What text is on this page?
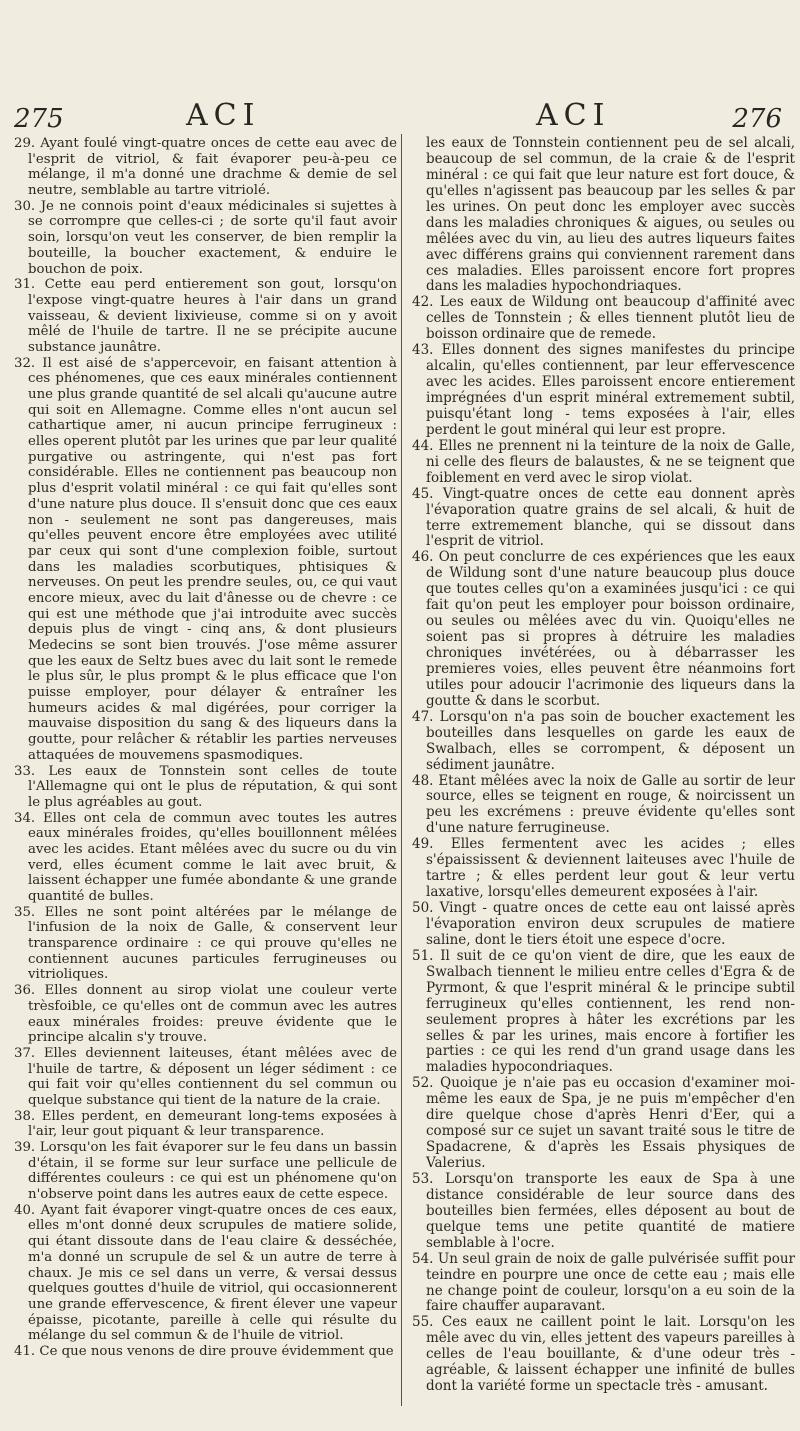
275	ACI	ACI	276

29. Ayant foulé vingt-quatre onces de cette eau avec de l'esprit de vitriol, & fait évaporer peu-à-peu ce mélange, il m'a donné une drachme & demie de sel neutre, semblable au tartre vitriolé.

30. Je ne connois point d'eaux médicinales si sujettes à se corrompre que celles-ci ; de sorte qu'il faut avoir soin, lorsqu'on veut les conserver, de bien remplir la bouteille, la boucher exactement, & enduire le bouchon de poix.

31. Cette eau perd entierement son gout, lorsqu'on l'expose vingt-quatre heures à l'air dans un grand vaisseau, & devient lixivieuse, comme si on y avoit mêlé de l'huile de tartre. Il ne se précipite aucune substance jaunâtre.

32. Il est aisé de s'appercevoir, en faisant attention à ces phénomenes, que ces eaux minérales contiennent une plus grande quantité de sel alcali qu'aucune autre qui soit en Allemagne. Comme elles n'ont aucun sel cathartique amer, ni aucun principe ferrugineux : elles operent plutôt par les urines que par leur qualité purgative ou astringente, qui n'est pas fort considérable. Elles ne contiennent pas beaucoup non plus d'esprit volatil minéral : ce qui fait qu'elles sont d'une nature plus douce. Il s'ensuit donc que ces eaux non - seulement ne sont pas dangereuses, mais qu'elles peuvent encore être employées avec utilité par ceux qui sont d'une complexion foible, surtout dans les maladies scorbutiques, phtisiques & nerveuses. On peut les prendre seules, ou, ce qui vaut encore mieux, avec du lait d'ânesse ou de chevre : ce qui est une méthode que j'ai introduite avec succès depuis plus de vingt - cinq ans, & dont plusieurs Medecins se sont bien trouvés. J'ose même assurer que les eaux de Seltz bues avec du lait sont le remede le plus sûr, le plus prompt & le plus efficace que l'on puisse employer, pour délayer & entraîner les humeurs acides & mal digérées, pour corriger la mauvaise disposition du sang & des liqueurs dans la goutte, pour relâcher & rétablir les parties nerveuses attaquées de mouvemens spasmodiques.

33. Les eaux de Tonnstein sont celles de toute l'Allemagne qui ont le plus de réputation, & qui sont le plus agréables au gout.

34. Elles ont cela de commun avec toutes les autres eaux minérales froides, qu'elles bouillonnent mêlées avec les acides. Etant mêlées avec du sucre ou du vin verd, elles écument comme le lait avec bruit, & laissent échapper une fumée abondante & une grande quantité de bulles.

35. Elles ne sont point altérées par le mélange de l'infusion de la noix de Galle, & conservent leur transparence ordinaire : ce qui prouve qu'elles ne contiennent aucunes particules ferrugineuses ou vitrioliques.

36. Elles donnent au sirop violat une couleur verte trèsfoible, ce qu'elles ont de commun avec les autres eaux minérales froides: preuve évidente que le principe alcalin s'y trouve.

37. Elles deviennent laiteuses, étant mêlées avec de l'huile de tartre, & déposent un léger sédiment : ce qui fait voir qu'elles contiennent du sel commun ou quelque substance qui tient de la nature de la craie.

38. Elles perdent, en demeurant long-tems exposées à l'air, leur gout piquant & leur transparence.

39. Lorsqu'on les fait évaporer sur le feu dans un bassin d'étain, il se forme sur leur surface une pellicule de différentes couleurs : ce qui est un phénomene qu'on n'observe point dans les autres eaux de cette espece.

40. Ayant fait évaporer vingt-quatre onces de ces eaux, elles m'ont donné deux scrupules de matiere solide, qui étant dissoute dans de l'eau claire & desséchée, m'a donné un scrupule de sel & un autre de terre à chaux. Je mis ce sel dans un verre, & versai dessus quelques gouttes d'huile de vitriol, qui occasionnerent une grande effervescence, & firent élever une vapeur épaisse, picotante, pareille à celle qui résulte du mélange du sel commun & de l'huile de vitriol.

41. Ce que nous venons de dire prouve évidemment que

les eaux de Tonnstein contiennent peu de sel alcali, beaucoup de sel commun, de la craie & de l'esprit minéral : ce qui fait que leur nature est fort douce, & qu'elles n'agissent pas beaucoup par les selles & par les urines. On peut donc les employer avec succès dans les maladies chroniques & aigues, ou seules ou mêlées avec du vin, au lieu des autres liqueurs faites avec différens grains qui conviennent rarement dans ces maladies. Elles paroissent encore fort propres dans les maladies hypochondriaques.

42. Les eaux de Wildung ont beaucoup d'affinité avec celles de Tonnstein ; & elles tiennent plutôt lieu de boisson ordinaire que de remede.

43. Elles donnent des signes manifestes du principe alcalin, qu'elles contiennent, par leur effervescence avec les acides. Elles paroissent encore entierement imprégnées d'un esprit minéral extremement subtil, puisqu'étant long - tems exposées à l'air, elles perdent le gout minéral qui leur est propre.

44. Elles ne prennent ni la teinture de la noix de Galle, ni celle des fleurs de balaustes, & ne se teignent que foiblement en verd avec le sirop violat.

45. Vingt-quatre onces de cette eau donnent après l'évaporation quatre grains de sel alcali, & huit de terre extremement blanche, qui se dissout dans l'esprit de vitriol.

46. On peut conclurre de ces expériences que les eaux de Wildung sont d'une nature beaucoup plus douce que toutes celles qu'on a examinées jusqu'ici : ce qui fait qu'on peut les employer pour boisson ordinaire, ou seules ou mêlées avec du vin. Quoiqu'elles ne soient pas si propres à détruire les maladies chroniques invétérées, ou à débarrasser les premieres voies, elles peuvent être néanmoins fort utiles pour adoucir l'acrimonie des liqueurs dans la goutte & dans le scorbut.

47. Lorsqu'on n'a pas soin de boucher exactement les bouteilles dans lesquelles on garde les eaux de Swalbach, elles se corrompent, & déposent un sédiment jaunâtre.

48. Etant mêlées avec la noix de Galle au sortir de leur source, elles se teignent en rouge, & noircissent un peu les excrémens : preuve évidente qu'elles sont d'une nature ferrugineuse.

49. Elles fermentent avec les acides ; elles s'épaississent & deviennent laiteuses avec l'huile de tartre ; & elles perdent leur gout & leur vertu laxative, lorsqu'elles demeurent exposées à l'air.

50. Vingt - quatre onces de cette eau ont laissé après l'évaporation environ deux scrupules de matiere saline, dont le tiers étoit une espece d'ocre.

51. Il suit de ce qu'on vient de dire, que les eaux de Swalbach tiennent le milieu entre celles d'Egra & de Pyrmont, & que l'esprit minéral & le principe subtil ferrugineux qu'elles contiennent, les rend non-seulement propres à hâter les excrétions par les selles & par les urines, mais encore à fortifier les parties : ce qui les rend d'un grand usage dans les maladies hypocondriaques.

52. Quoique je n'aie pas eu occasion d'examiner moi-même les eaux de Spa, je ne puis m'empêcher d'en dire quelque chose d'après Henri d'Eer, qui a composé sur ce sujet un savant traité sous le titre de Spadacrene, & d'après les Essais physiques de Valerius.

53. Lorsqu'on transporte les eaux de Spa à une distance considérable de leur source dans des bouteilles bien fermées, elles déposent au bout de quelque tems une petite quantité de matiere semblable à l'ocre.

54. Un seul grain de noix de galle pulvérisée suffit pour teindre en pourpre une once de cette eau ; mais elle ne change point de couleur, lorsqu'on a eu soin de la faire chauffer auparavant.

55. Ces eaux ne caillent point le lait. Lorsqu'on les mêle avec du vin, elles jettent des vapeurs pareilles à celles de l'eau bouillante, & d'une odeur très - agréable, & laissent échapper une infinité de bulles dont la variété forme un spectacle très - amusant.
